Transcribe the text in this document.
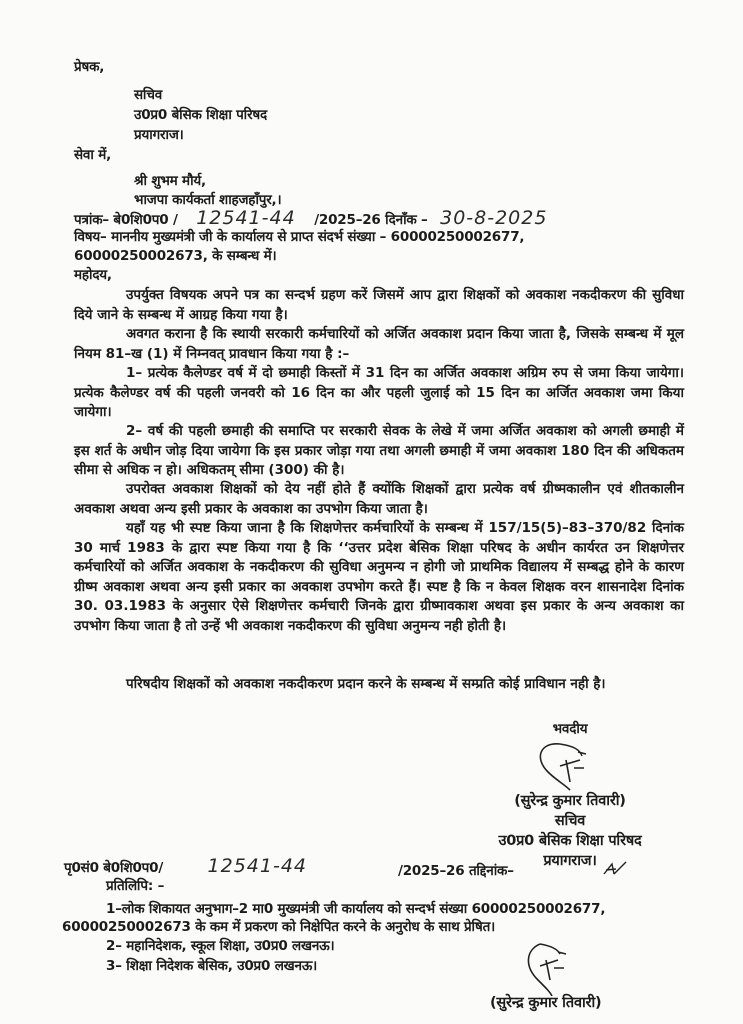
प्रेषक,
सचिव
उ0प्र0 बेसिक शिक्षा परिषद
प्रयागराज।
सेवा में,
श्री शुभम मौर्य,
भाजपा कार्यकर्ता शाहजहाँपुर,।
पत्रांक– बे0शि0प0 / 12541-44 /2025–26 दिनाँक – 30-8-2025
विषय– माननीय मुख्यमंत्री जी के कार्यालय से प्राप्त संदर्भ संख्या – 60000250002677,
60000250002673, के सम्बन्ध में।
महोदय,
उपर्युक्त विषयक अपने पत्र का सन्दर्भ ग्रहण करें जिसमें आप द्वारा शिक्षकों को अवकाश नकदीकरण की सुविधा दिये जाने के सम्बन्ध में आग्रह किया गया है।
अवगत कराना है कि स्थायी सरकारी कर्मचारियों को अर्जित अवकाश प्रदान किया जाता है, जिसके सम्बन्ध में मूल नियम 81–ख (1) में निम्नवत् प्रावधान किया गया है :–
1– प्रत्येक कैलेण्डर वर्ष में दो छमाही किस्तों में 31 दिन का अर्जित अवकाश अग्रिम रुप से जमा किया जायेगा। प्रत्येक कैलेण्डर वर्ष की पहली जनवरी को 16 दिन का और पहली जुलाई को 15 दिन का अर्जित अवकाश जमा किया जायेगा।
2– वर्ष की पहली छमाही की समाप्ति पर सरकारी सेवक के लेखे में जमा अर्जित अवकाश को अगली छमाही में इस शर्त के अधीन जोड़ दिया जायेगा कि इस प्रकार जोड़ा गया तथा अगली छमाही में जमा अवकाश 180 दिन की अधिकतम सीमा से अधिक न हो। अधिकतम् सीमा (300) की है।
उपरोक्त अवकाश शिक्षकों को देय नहीं होते हैं क्योंकि शिक्षकों द्वारा प्रत्येक वर्ष ग्रीष्मकालीन एवं शीतकालीन अवकाश अथवा अन्य इसी प्रकार के अवकाश का उपभोग किया जाता है।
यहाँ यह भी स्पष्ट किया जाना है कि शिक्षणेत्तर कर्मचारियों के सम्बन्ध में 157/15(5)–83–370/82 दिनांक 30 मार्च 1983 के द्वारा स्पष्ट किया गया है कि ‘‘उत्तर प्रदेश बेसिक शिक्षा परिषद के अधीन कार्यरत उन शिक्षणेत्तर कर्मचारियों को अर्जित अवकाश के नकदीकरण की सुविधा अनुमन्य न होगी जो प्राथमिक विद्यालय में सम्बद्ध होने के कारण ग्रीष्म अवकाश अथवा अन्य इसी प्रकार का अवकाश उपभोग करते हैं। स्पष्ट है कि न केवल शिक्षक वरन शासनादेश दिनांक 30. 03.1983 के अनुसार ऐसे शिक्षणेत्तर कर्मचारी जिनके द्वारा ग्रीष्मावकाश अथवा इस प्रकार के अन्य अवकाश का उपभोग किया जाता है तो उन्हें भी अवकाश नकदीकरण की सुविधा अनुमन्य नही होती है।
परिषदीय शिक्षकों को अवकाश नकदीकरण प्रदान करने के सम्बन्ध में सम्प्रति कोई प्राविधान नही है।
भवदीय
(सुरेन्द्र कुमार तिवारी)
सचिव
उ0प्र0 बेसिक शिक्षा परिषद
प्रयागराज।
पृ0सं0 बे0शि0प0/ 12541-44	/2025–26 तद्दिनांक–
प्रतिलिपि: –
1–लोक शिकायत अनुभाग–2 मा0 मुख्यमंत्री जी कार्यालय को सन्दर्भ संख्या 60000250002677,
60000250002673 के कम में प्रकरण को निक्षेपित करने के अनुरोध के साथ प्रेषित।
2– महानिदेशक, स्कूल शिक्षा, उ0प्र0 लखनऊ।
3– शिक्षा निदेशक बेसिक, उ0प्र0 लखनऊ।
(सुरेन्द्र कुमार तिवारी)
